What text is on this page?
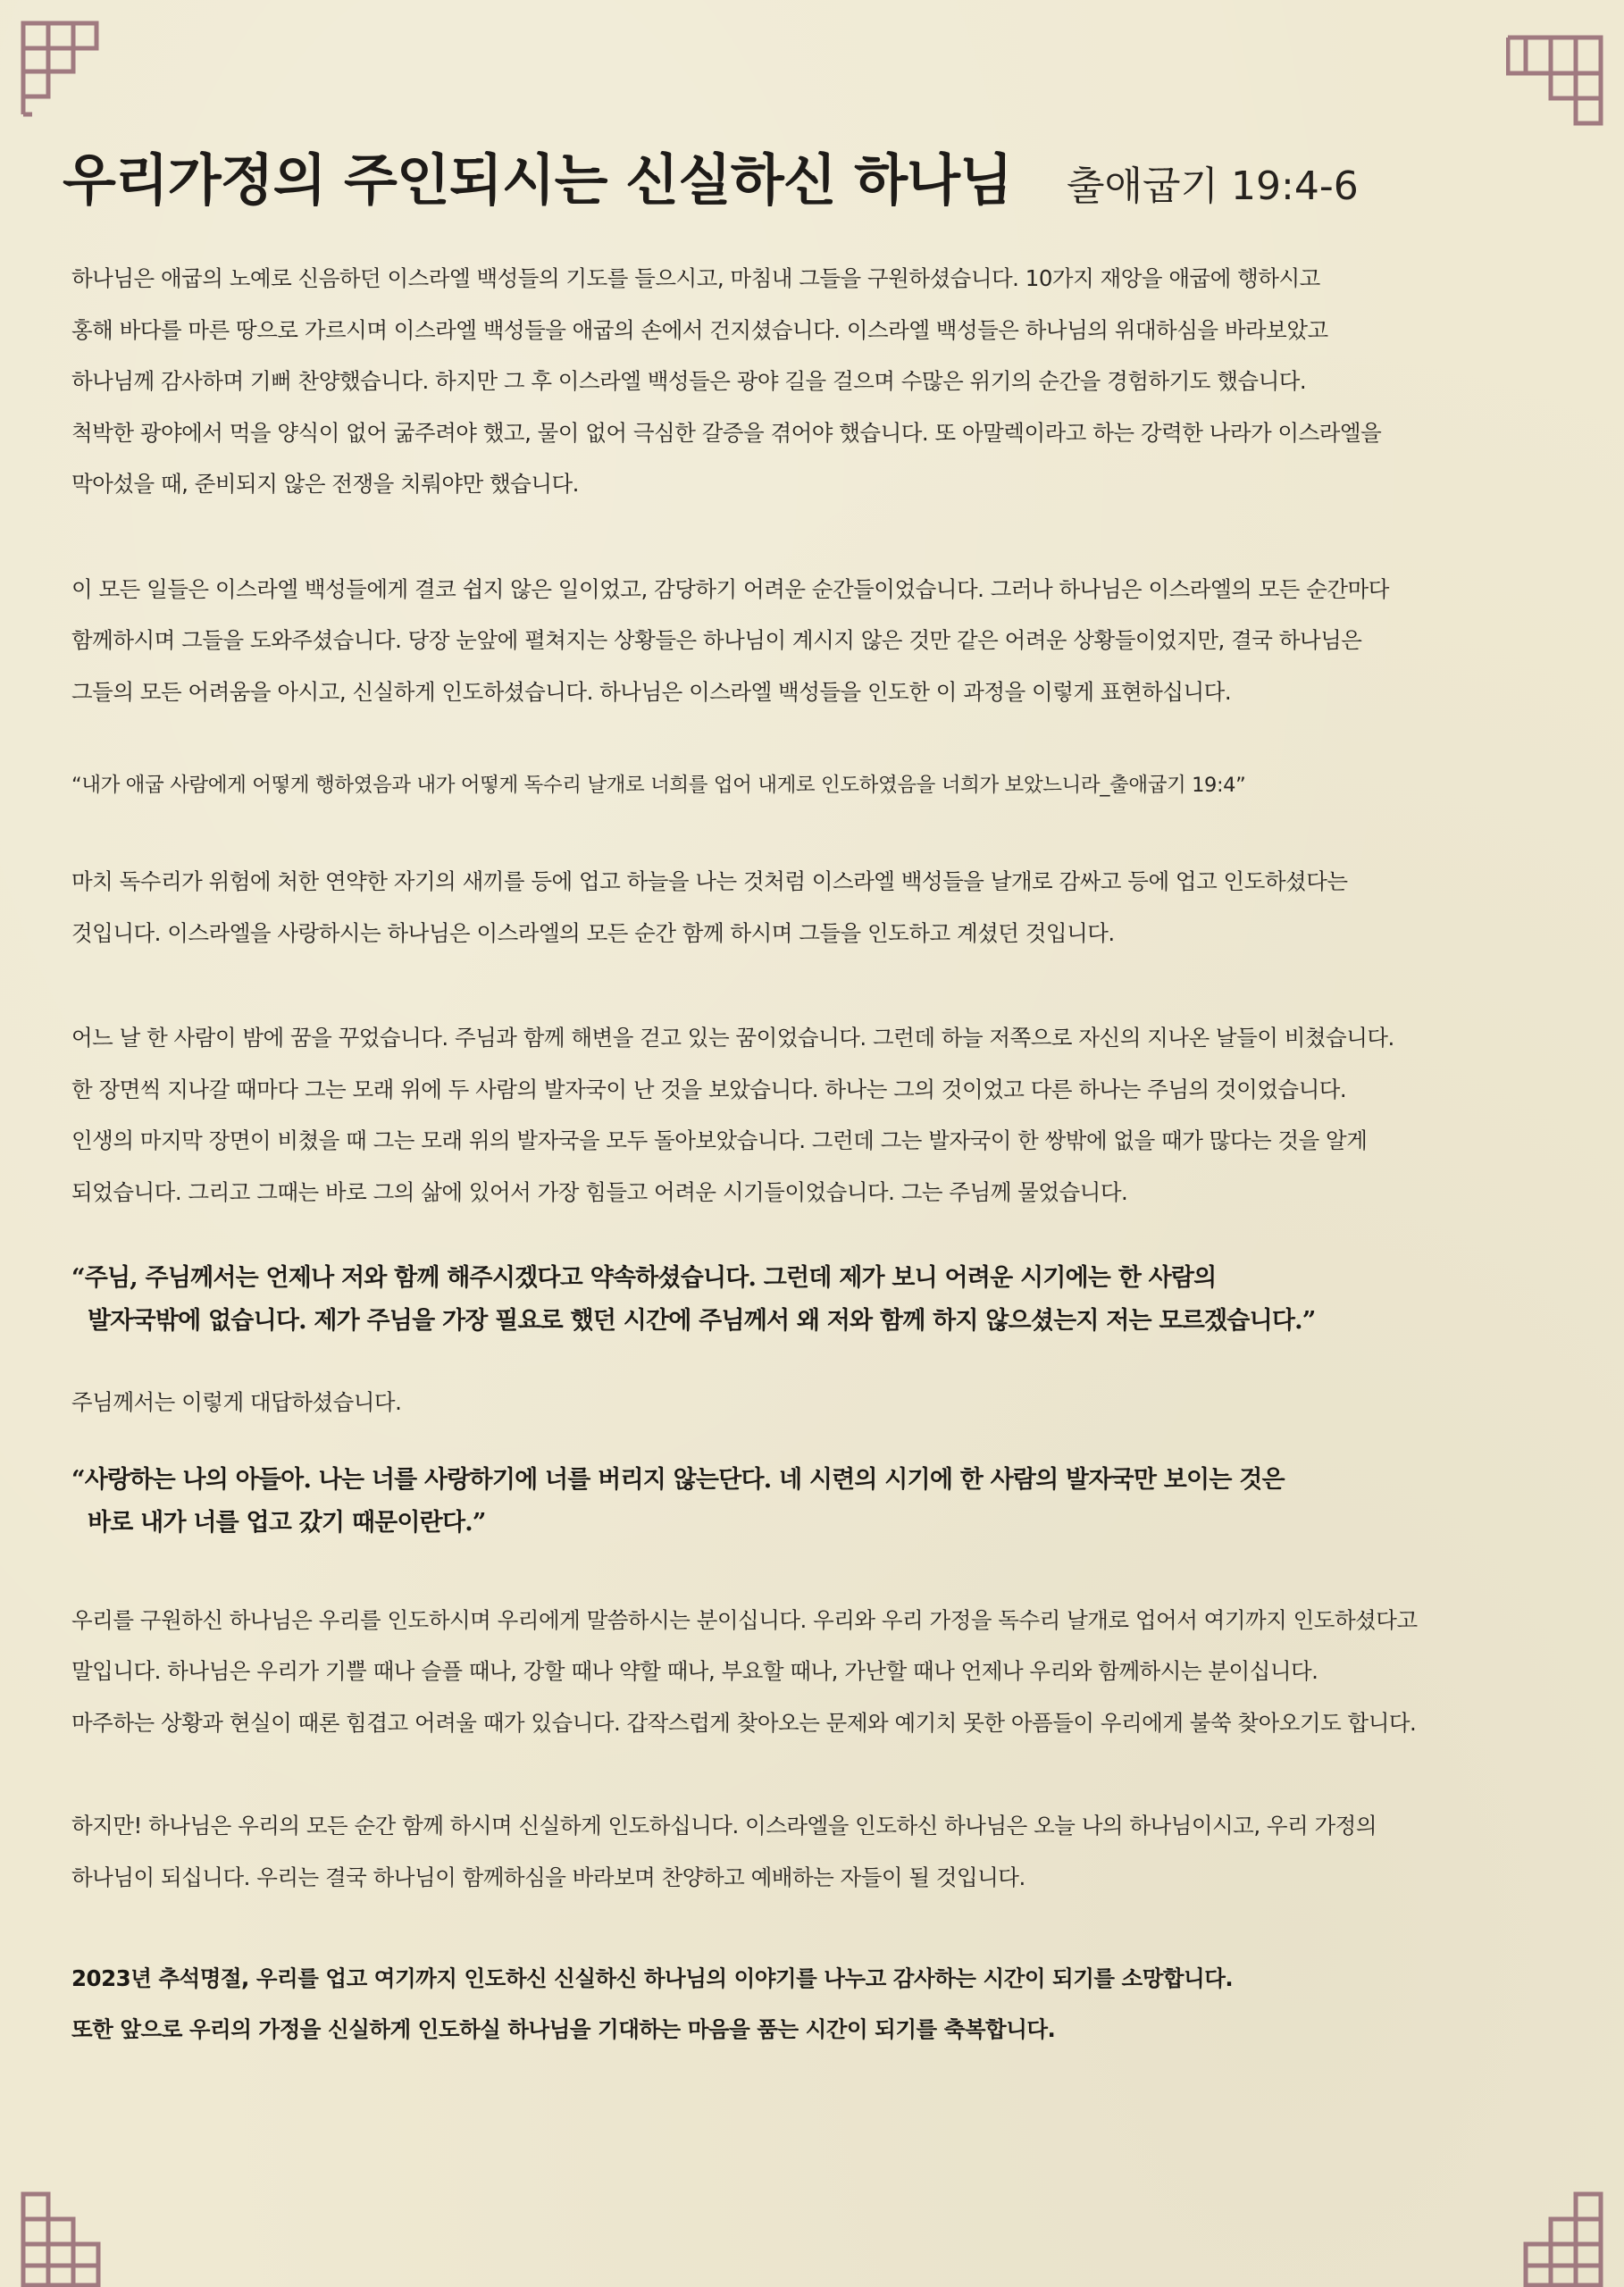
우리가정의 주인되시는 신실하신 하나님 출애굽기 19:4-6

하나님은 애굽의 노예로 신음하던 이스라엘 백성들의 기도를 들으시고, 마침내 그들을 구원하셨습니다. 10가지 재앙을 애굽에 행하시고
홍해 바다를 마른 땅으로 가르시며 이스라엘 백성들을 애굽의 손에서 건지셨습니다. 이스라엘 백성들은 하나님의 위대하심을 바라보았고
하나님께 감사하며 기뻐 찬양했습니다. 하지만 그 후 이스라엘 백성들은 광야 길을 걸으며 수많은 위기의 순간을 경험하기도 했습니다.
척박한 광야에서 먹을 양식이 없어 굶주려야 했고, 물이 없어 극심한 갈증을 겪어야 했습니다. 또 아말렉이라고 하는 강력한 나라가 이스라엘을
막아섰을 때, 준비되지 않은 전쟁을 치뤄야만 했습니다.

이 모든 일들은 이스라엘 백성들에게 결코 쉽지 않은 일이었고, 감당하기 어려운 순간들이었습니다. 그러나 하나님은 이스라엘의 모든 순간마다
함께하시며 그들을 도와주셨습니다. 당장 눈앞에 펼쳐지는 상황들은 하나님이 계시지 않은 것만 같은 어려운 상황들이었지만, 결국 하나님은
그들의 모든 어려움을 아시고, 신실하게 인도하셨습니다. 하나님은 이스라엘 백성들을 인도한 이 과정을 이렇게 표현하십니다.

“내가 애굽 사람에게 어떻게 행하였음과 내가 어떻게 독수리 날개로 너희를 업어 내게로 인도하였음을 너희가 보았느니라_출애굽기 19:4”

마치 독수리가 위험에 처한 연약한 자기의 새끼를 등에 업고 하늘을 나는 것처럼 이스라엘 백성들을 날개로 감싸고 등에 업고 인도하셨다는
것입니다. 이스라엘을 사랑하시는 하나님은 이스라엘의 모든 순간 함께 하시며 그들을 인도하고 계셨던 것입니다.

어느 날 한 사람이 밤에 꿈을 꾸었습니다. 주님과 함께 해변을 걷고 있는 꿈이었습니다. 그런데 하늘 저쪽으로 자신의 지나온 날들이 비쳤습니다.
한 장면씩 지나갈 때마다 그는 모래 위에 두 사람의 발자국이 난 것을 보았습니다. 하나는 그의 것이었고 다른 하나는 주님의 것이었습니다.
인생의 마지막 장면이 비쳤을 때 그는 모래 위의 발자국을 모두 돌아보았습니다. 그런데 그는 발자국이 한 쌍밖에 없을 때가 많다는 것을 알게
되었습니다. 그리고 그때는 바로 그의 삶에 있어서 가장 힘들고 어려운 시기들이었습니다. 그는 주님께 물었습니다.

“주님, 주님께서는 언제나 저와 함께 해주시겠다고 약속하셨습니다. 그런데 제가 보니 어려운 시기에는 한 사람의
발자국밖에 없습니다. 제가 주님을 가장 필요로 했던 시간에 주님께서 왜 저와 함께 하지 않으셨는지 저는 모르겠습니다.”

주님께서는 이렇게 대답하셨습니다.

“사랑하는 나의 아들아. 나는 너를 사랑하기에 너를 버리지 않는단다. 네 시련의 시기에 한 사람의 발자국만 보이는 것은
바로 내가 너를 업고 갔기 때문이란다.”

우리를 구원하신 하나님은 우리를 인도하시며 우리에게 말씀하시는 분이십니다. 우리와 우리 가정을 독수리 날개로 업어서 여기까지 인도하셨다고
말입니다. 하나님은 우리가 기쁠 때나 슬플 때나, 강할 때나 약할 때나, 부요할 때나, 가난할 때나 언제나 우리와 함께하시는 분이십니다.
마주하는 상황과 현실이 때론 힘겹고 어려울 때가 있습니다. 갑작스럽게 찾아오는 문제와 예기치 못한 아픔들이 우리에게 불쑥 찾아오기도 합니다.

하지만! 하나님은 우리의 모든 순간 함께 하시며 신실하게 인도하십니다. 이스라엘을 인도하신 하나님은 오늘 나의 하나님이시고, 우리 가정의
하나님이 되십니다. 우리는 결국 하나님이 함께하심을 바라보며 찬양하고 예배하는 자들이 될 것입니다.

2023년 추석명절, 우리를 업고 여기까지 인도하신 신실하신 하나님의 이야기를 나누고 감사하는 시간이 되기를 소망합니다.
또한 앞으로 우리의 가정을 신실하게 인도하실 하나님을 기대하는 마음을 품는 시간이 되기를 축복합니다.
